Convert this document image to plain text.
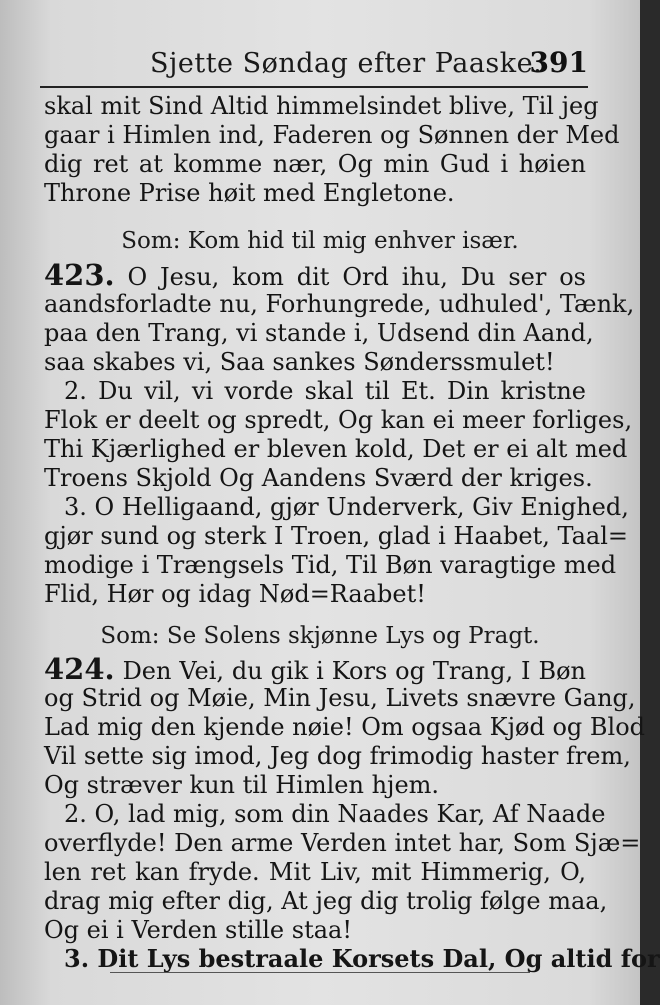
Sjette Søndag efter Paaske.
391
skal mit Sind Altid himmelsindet blive, Til jeg
gaar i Himlen ind, Faderen og Sønnen der Med
dig ret at komme nær, Og min Gud i høien
Throne Prise høit med Engletone.
Som: Kom hid til mig enhver især.
423. O Jesu, kom dit Ord ihu, Du ser os
aandsforladte nu, Forhungrede, udhuled', Tænk,
paa den Trang, vi stande i, Udsend din Aand,
saa skabes vi, Saa sankes Sønderssmulet!
2. Du vil, vi vorde skal til Et. Din kristne
Flok er deelt og spredt, Og kan ei meer forliges,
Thi Kjærlighed er bleven kold, Det er ei alt med
Troens Skjold Og Aandens Sværd der kriges.
3. O Helligaand, gjør Underverk, Giv Enighed,
gjør sund og sterk I Troen, glad i Haabet, Taal=
modige i Trængsels Tid, Til Bøn varagtige med
Flid, Hør og idag Nød=Raabet!
Som: Se Solens skjønne Lys og Pragt.
424. Den Vei, du gik i Kors og Trang, I Bøn
og Strid og Møie, Min Jesu, Livets snævre Gang,
Lad mig den kjende nøie! Om ogsaa Kjød og Blod
Vil sette sig imod, Jeg dog frimodig haster frem,
Og stræver kun til Himlen hjem.
2. O, lad mig, som din Naades Kar, Af Naade
overflyde! Den arme Verden intet har, Som Sjæ=
len ret kan fryde. Mit Liv, mit Himmerig, O,
drag mig efter dig, At jeg dig trolig følge maa,
Og ei i Verden stille staa!
3. Dit Lys bestraale Korsets Dal, Og altid for
